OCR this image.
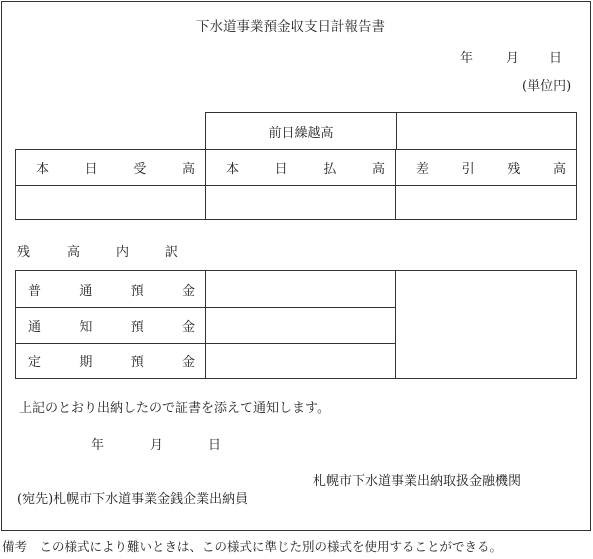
下水道事業預金収支日計報告書
年	月 日
(単位円)
前日繰越高
本	日	受	高 本	日	払	高 差	引	残	高
残	高	内	訳
普	通	預	金
通	知	預	金
定	期	預	金
上記のとおり出納したので証書を添えて通知します。
年	月	日
札幌市下水道事業出納取扱金融機関
(宛先)札幌市下水道事業金銭企業出納員
備考　この様式により難いときは、この様式に準じた別の様式を使用することができる。
